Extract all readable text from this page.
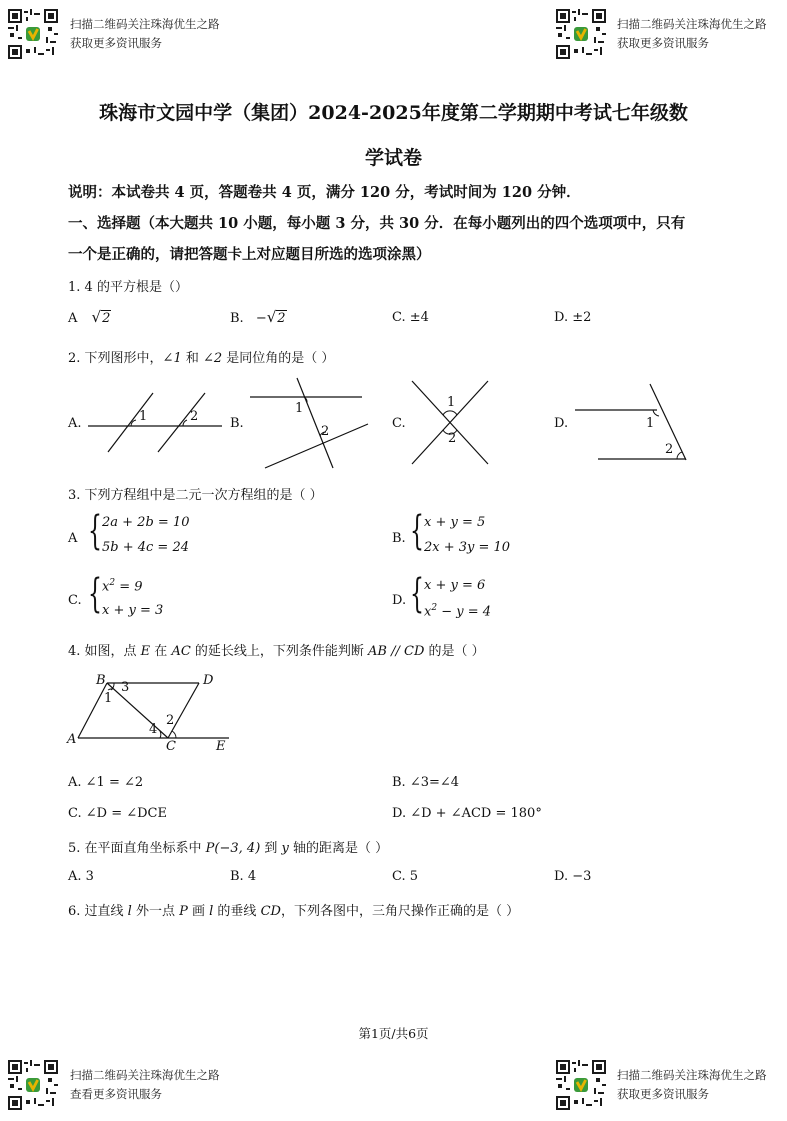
扫描二维码关注珠海优生之路
获取更多资讯服务
扫描二维码关注珠海优生之路
获取更多资讯服务
珠海市文园中学（集团）2024-2025年度第二学期期中考试七年级数
学试卷
说明：本试卷共 4 页，答题卷共 4 页，满分 120 分，考试时间为 120 分钟．
一、选择题（本大题共 10 小题，每小题 3 分，共 30 分．在每小题列出的四个选项项中，只有
一个是正确的，请把答题卡上对应题目所选的选项涂黑）
1. 4 的平方根是（）
A √2	B. −√2	C. ±4	D. ±2
2. 下列图形中，∠1 和 ∠2 是同位角的是（ ）
A.	1	2 B.
1
2
C.
1
2
D.	1
2
3. 下列方程组中是二元一次方程组的是（ ）
A { 2a + 2b = 10
5b + 4c = 24
B. { x + y = 5
2x + 3y = 10
C. { $x^2 = 9$
x + y = 3
D. { x + y = 6
$x^2 - y = 4$
4. 如图，点 E 在 AC 的延长线上，下列条件能判断 AB // CD 的是（ ）
B	D
A	C	E
3
1
2
4
A. ∠1 = ∠2	B. ∠3=∠4
C. ∠D = ∠DCE	D. ∠D + ∠ACD = 180°
5. 在平面直角坐标系中 P(−3, 4) 到 y 轴的距离是（ ）
A. 3	B. 4	C. 5	D. −3
6. 过直线 l 外一点 P 画 l 的垂线 CD，下列各图中，三角尺操作正确的是（ ）
第1页/共6页
扫描二维码关注珠海优生之路
查看更多资讯服务
扫描二维码关注珠海优生之路
获取更多资讯服务
